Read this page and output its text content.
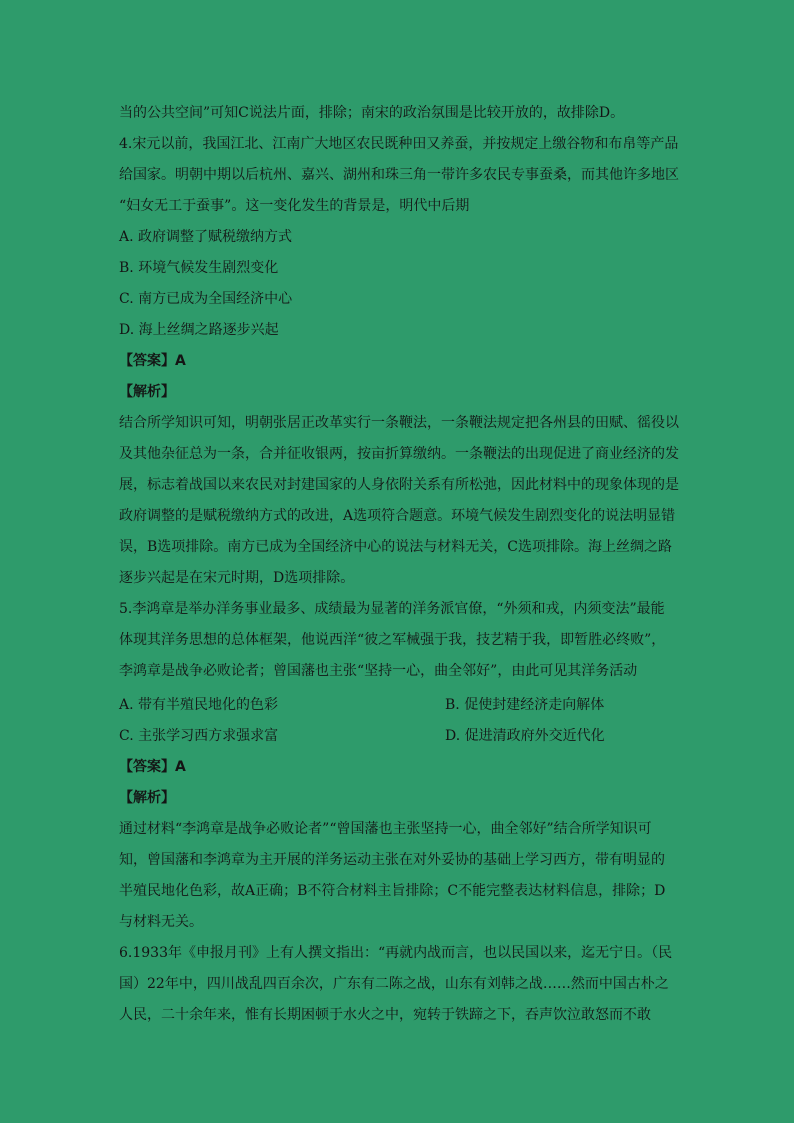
当的公共空间”可知C说法片面，排除；南宋的政治氛围是比较开放的，故排除D。
4.宋元以前，我国江北、江南广大地区农民既种田又养蚕，并按规定上缴谷物和布帛等产品
给国家。明朝中期以后杭州、嘉兴、湖州和珠三角一带许多农民专事蚕桑，而其他许多地区
“妇女无工于蚕事”。这一变化发生的背景是，明代中后期
A. 政府调整了赋税缴纳方式
B. 环境气候发生剧烈变化
C. 南方已成为全国经济中心
D. 海上丝绸之路逐步兴起
【答案】A
【解析】
结合所学知识可知，明朝张居正改革实行一条鞭法，一条鞭法规定把各州县的田赋、徭役以
及其他杂征总为一条，合并征收银两，按亩折算缴纳。一条鞭法的出现促进了商业经济的发
展，标志着战国以来农民对封建国家的人身依附关系有所松弛，因此材料中的现象体现的是
政府调整的是赋税缴纳方式的改进，A选项符合题意。环境气候发生剧烈变化的说法明显错
误，B选项排除。南方已成为全国经济中心的说法与材料无关，C选项排除。海上丝绸之路
逐步兴起是在宋元时期，D选项排除。
5.李鸿章是举办洋务事业最多、成绩最为显著的洋务派官僚，“外须和戎，内须变法”最能
体现其洋务思想的总体框架，他说西洋“彼之军械强于我，技艺精于我，即暂胜必终败”，
李鸿章是战争必败论者；曾国藩也主张“坚持一心，曲全邻好”，由此可见其洋务活动
A. 带有半殖民地化的色彩	B. 促使封建经济走向解体
C. 主张学习西方求强求富	D. 促进清政府外交近代化
【答案】A
【解析】
通过材料“李鸿章是战争必败论者”“曾国藩也主张坚持一心，曲全邻好”结合所学知识可
知，曾国藩和李鸿章为主开展的洋务运动主张在对外妥协的基础上学习西方，带有明显的
半殖民地化色彩，故A正确；B不符合材料主旨排除；C不能完整表达材料信息，排除；D
与材料无关。
6.1933年《申报月刊》上有人撰文指出：“再就内战而言，也以民国以来，迄无宁日。（民
国）22年中，四川战乱四百余次，广东有二陈之战，山东有刘韩之战……然而中国古朴之
人民，二十余年来，惟有长期困顿于水火之中，宛转于铁蹄之下，吞声饮泣敢怒而不敢
